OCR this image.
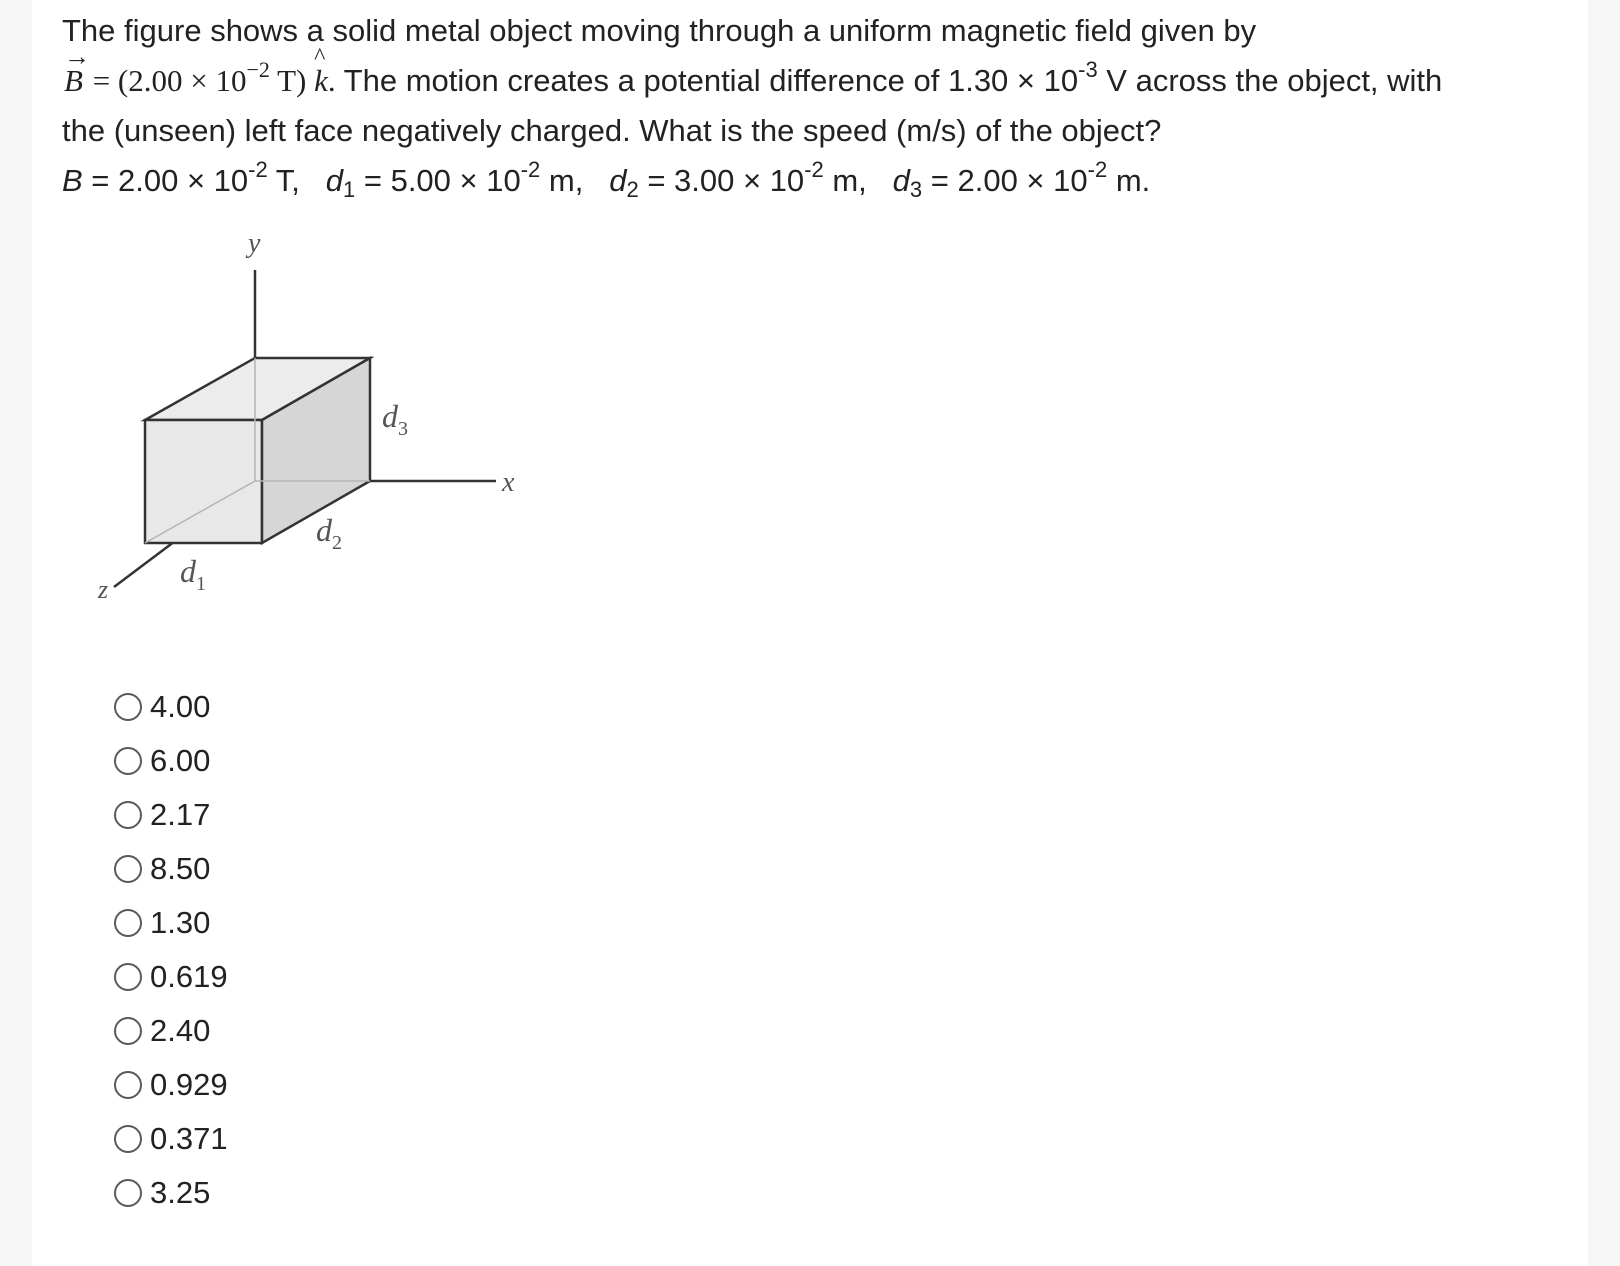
The figure shows a solid metal object moving through a uniform magnetic field given by
→
$B = (2.00 \times 10^{-2}$ T)
^
k. The motion creates a potential difference of $1.30 \times 10^{-3}$ V across the object, with
the (unseen) left face negatively charged. What is the speed (m/s) of the object?
$B = 2.00 \times 10^{-2}$ T, $d_1 = 5.00 \times 10^{-2}$ m, $d_2 = 3.00 \times 10^{-2}$ m, $d_3 = 2.00 \times 10^{-2}$ m.
y
x
z
$d_1$
$d_2$
$d_3$
4.00
6.00
2.17
8.50
1.30
0.619
2.40
0.929
0.371
3.25
